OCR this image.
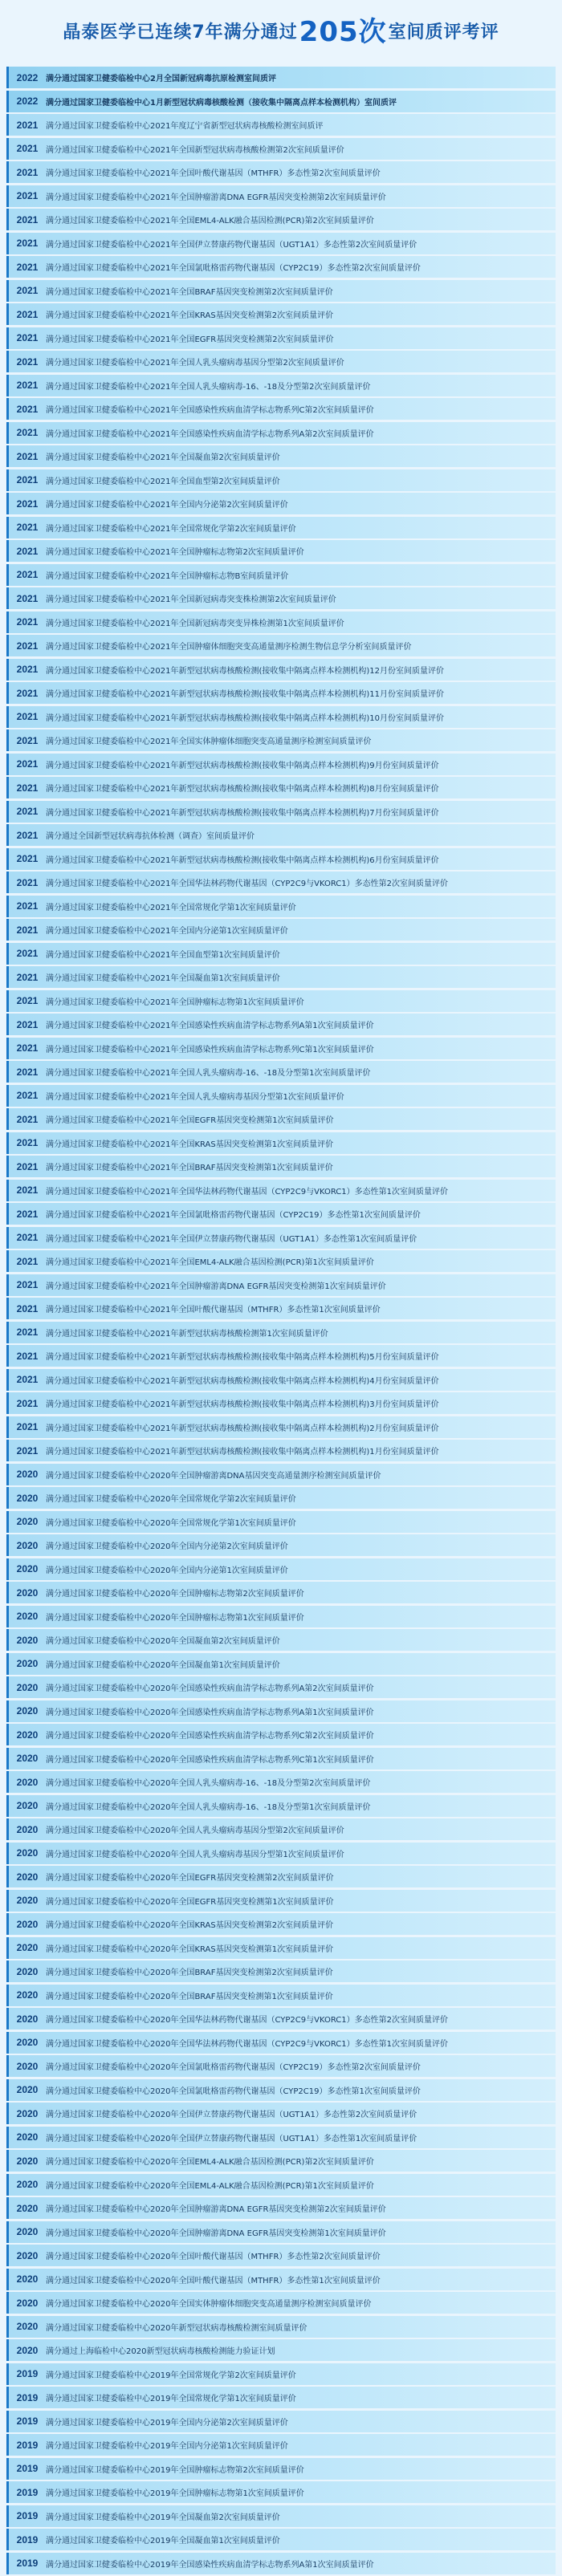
晶泰医学已连续7年满分通过 205次 室间质评考评
2022 满分通过国家卫健委临检中心2月全国新冠病毒抗原检测室间质评
2022 满分通过国家卫健委临检中心1月新型冠状病毒核酸检测（接收集中隔离点样本检测机构）室间质评
2021 满分通过国家卫健委临检中心2021年度辽宁省新型冠状病毒核酸检测室间质评
2021 满分通过国家卫健委临检中心2021年全国新型冠状病毒核酸检测第2次室间质量评价
2021 满分通过国家卫健委临检中心2021年全国叶酸代谢基因（MTHFR）多态性第2次室间质量评价
2021 满分通过国家卫健委临检中心2021年全国肿瘤游离DNA EGFR基因突变检测第2次室间质量评价
2021 满分通过国家卫健委临检中心2021年全国EML4-ALK融合基因检测(PCR)第2次室间质量评价
2021 满分通过国家卫健委临检中心2021年全国伊立替康药物代谢基因（UGT1A1）多态性第2次室间质量评价
2021 满分通过国家卫健委临检中心2021年全国氯吡格雷药物代谢基因（CYP2C19）多态性第2次室间质量评价
2021 满分通过国家卫健委临检中心2021年全国BRAF基因突变检测第2次室间质量评价
2021 满分通过国家卫健委临检中心2021年全国KRAS基因突变检测第2次室间质量评价
2021 满分通过国家卫健委临检中心2021年全国EGFR基因突变检测第2次室间质量评价
2021 满分通过国家卫健委临检中心2021年全国人乳头瘤病毒基因分型第2次室间质量评价
2021 满分通过国家卫健委临检中心2021年全国人乳头瘤病毒-16、-18及分型第2次室间质量评价
2021 满分通过国家卫健委临检中心2021年全国感染性疾病血清学标志物系列C第2次室间质量评价
2021 满分通过国家卫健委临检中心2021年全国感染性疾病血清学标志物系列A第2次室间质量评价
2021 满分通过国家卫健委临检中心2021年全国凝血第2次室间质量评价
2021 满分通过国家卫健委临检中心2021年全国血型第2次室间质量评价
2021 满分通过国家卫健委临检中心2021年全国内分泌第2次室间质量评价
2021 满分通过国家卫健委临检中心2021年全国常规化学第2次室间质量评价
2021 满分通过国家卫健委临检中心2021年全国肿瘤标志物第2次室间质量评价
2021 满分通过国家卫健委临检中心2021年全国肿瘤标志物B室间质量评价
2021 满分通过国家卫健委临检中心2021年全国新冠病毒突变株检测第2次室间质量评价
2021 满分通过国家卫健委临检中心2021年全国新冠病毒突变异株检测第1次室间质量评价
2021 满分通过国家卫健委临检中心2021年全国肿瘤体细胞突变高通量测序检测生物信息学分析室间质量评价
2021 满分通过国家卫健委临检中心2021年新型冠状病毒核酸检测(接收集中隔离点样本检测机构)12月份室间质量评价
2021 满分通过国家卫健委临检中心2021年新型冠状病毒核酸检测(接收集中隔离点样本检测机构)11月份室间质量评价
2021 满分通过国家卫健委临检中心2021年新型冠状病毒核酸检测(接收集中隔离点样本检测机构)10月份室间质量评价
2021 满分通过国家卫健委临检中心2021年全国实体肿瘤体细胞突变高通量测序检测室间质量评价
2021 满分通过国家卫健委临检中心2021年新型冠状病毒核酸检测(接收集中隔离点样本检测机构)9月份室间质量评价
2021 满分通过国家卫健委临检中心2021年新型冠状病毒核酸检测(接收集中隔离点样本检测机构)8月份室间质量评价
2021 满分通过国家卫健委临检中心2021年新型冠状病毒核酸检测(接收集中隔离点样本检测机构)7月份室间质量评价
2021 满分通过全国新型冠状病毒抗体检测（调查）室间质量评价
2021 满分通过国家卫健委临检中心2021年新型冠状病毒核酸检测(接收集中隔离点样本检测机构)6月份室间质量评价
2021 满分通过国家卫健委临检中心2021年全国华法林药物代谢基因（CYP2C9与VKORC1）多态性第2次室间质量评价
2021 满分通过国家卫健委临检中心2021年全国常规化学第1次室间质量评价
2021 满分通过国家卫健委临检中心2021年全国内分泌第1次室间质量评价
2021 满分通过国家卫健委临检中心2021年全国血型第1次室间质量评价
2021 满分通过国家卫健委临检中心2021年全国凝血第1次室间质量评价
2021 满分通过国家卫健委临检中心2021年全国肿瘤标志物第1次室间质量评价
2021 满分通过国家卫健委临检中心2021年全国感染性疾病血清学标志物系列A第1次室间质量评价
2021 满分通过国家卫健委临检中心2021年全国感染性疾病血清学标志物系列C第1次室间质量评价
2021 满分通过国家卫健委临检中心2021年全国人乳头瘤病毒-16、-18及分型第1次室间质量评价
2021 满分通过国家卫健委临检中心2021年全国人乳头瘤病毒基因分型第1次室间质量评价
2021 满分通过国家卫健委临检中心2021年全国EGFR基因突变检测第1次室间质量评价
2021 满分通过国家卫健委临检中心2021年全国KRAS基因突变检测第1次室间质量评价
2021 满分通过国家卫健委临检中心2021年全国BRAF基因突变检测第1次室间质量评价
2021 满分通过国家卫健委临检中心2021年全国华法林药物代谢基因（CYP2C9与VKORC1）多态性第1次室间质量评价
2021 满分通过国家卫健委临检中心2021年全国氯吡格雷药物代谢基因（CYP2C19）多态性第1次室间质量评价
2021 满分通过国家卫健委临检中心2021年全国伊立替康药物代谢基因（UGT1A1）多态性第1次室间质量评价
2021 满分通过国家卫健委临检中心2021年全国EML4-ALK融合基因检测(PCR)第1次室间质量评价
2021 满分通过国家卫健委临检中心2021年全国肿瘤游离DNA EGFR基因突变检测第1次室间质量评价
2021 满分通过国家卫健委临检中心2021年全国叶酸代谢基因（MTHFR）多态性第1次室间质量评价
2021 满分通过国家卫健委临检中心2021年新型冠状病毒核酸检测第1次室间质量评价
2021 满分通过国家卫健委临检中心2021年新型冠状病毒核酸检测(接收集中隔离点样本检测机构)5月份室间质量评价
2021 满分通过国家卫健委临检中心2021年新型冠状病毒核酸检测(接收集中隔离点样本检测机构)4月份室间质量评价
2021 满分通过国家卫健委临检中心2021年新型冠状病毒核酸检测(接收集中隔离点样本检测机构)3月份室间质量评价
2021 满分通过国家卫健委临检中心2021年新型冠状病毒核酸检测(接收集中隔离点样本检测机构)2月份室间质量评价
2021 满分通过国家卫健委临检中心2021年新型冠状病毒核酸检测(接收集中隔离点样本检测机构)1月份室间质量评价
2020 满分通过国家卫健委临检中心2020年全国肿瘤游离DNA基因突变高通量测序检测室间质量评价
2020 满分通过国家卫健委临检中心2020年全国常规化学第2次室间质量评价
2020 满分通过国家卫健委临检中心2020年全国常规化学第1次室间质量评价
2020 满分通过国家卫健委临检中心2020年全国内分泌第2次室间质量评价
2020 满分通过国家卫健委临检中心2020年全国内分泌第1次室间质量评价
2020 满分通过国家卫健委临检中心2020年全国肿瘤标志物第2次室间质量评价
2020 满分通过国家卫健委临检中心2020年全国肿瘤标志物第1次室间质量评价
2020 满分通过国家卫健委临检中心2020年全国凝血第2次室间质量评价
2020 满分通过国家卫健委临检中心2020年全国凝血第1次室间质量评价
2020 满分通过国家卫健委临检中心2020年全国感染性疾病血清学标志物系列A第2次室间质量评价
2020 满分通过国家卫健委临检中心2020年全国感染性疾病血清学标志物系列A第1次室间质量评价
2020 满分通过国家卫健委临检中心2020年全国感染性疾病血清学标志物系列C第2次室间质量评价
2020 满分通过国家卫健委临检中心2020年全国感染性疾病血清学标志物系列C第1次室间质量评价
2020 满分通过国家卫健委临检中心2020年全国人乳头瘤病毒-16、-18及分型第2次室间质量评价
2020 满分通过国家卫健委临检中心2020年全国人乳头瘤病毒-16、-18及分型第1次室间质量评价
2020 满分通过国家卫健委临检中心2020年全国人乳头瘤病毒基因分型第2次室间质量评价
2020 满分通过国家卫健委临检中心2020年全国人乳头瘤病毒基因分型第1次室间质量评价
2020 满分通过国家卫健委临检中心2020年全国EGFR基因突变检测第2次室间质量评价
2020 满分通过国家卫健委临检中心2020年全国EGFR基因突变检测第1次室间质量评价
2020 满分通过国家卫健委临检中心2020年全国KRAS基因突变检测第2次室间质量评价
2020 满分通过国家卫健委临检中心2020年全国KRAS基因突变检测第1次室间质量评价
2020 满分通过国家卫健委临检中心2020年全国BRAF基因突变检测第2次室间质量评价
2020 满分通过国家卫健委临检中心2020年全国BRAF基因突变检测第1次室间质量评价
2020 满分通过国家卫健委临检中心2020年全国华法林药物代谢基因（CYP2C9与VKORC1）多态性第2次室间质量评价
2020 满分通过国家卫健委临检中心2020年全国华法林药物代谢基因（CYP2C9与VKORC1）多态性第1次室间质量评价
2020 满分通过国家卫健委临检中心2020年全国氯吡格雷药物代谢基因（CYP2C19）多态性第2次室间质量评价
2020 满分通过国家卫健委临检中心2020年全国氯吡格雷药物代谢基因（CYP2C19）多态性第1次室间质量评价
2020 满分通过国家卫健委临检中心2020年全国伊立替康药物代谢基因（UGT1A1）多态性第2次室间质量评价
2020 满分通过国家卫健委临检中心2020年全国伊立替康药物代谢基因（UGT1A1）多态性第1次室间质量评价
2020 满分通过国家卫健委临检中心2020年全国EML4-ALK融合基因检测(PCR)第2次室间质量评价
2020 满分通过国家卫健委临检中心2020年全国EML4-ALK融合基因检测(PCR)第1次室间质量评价
2020 满分通过国家卫健委临检中心2020年全国肿瘤游离DNA EGFR基因突变检测第2次室间质量评价
2020 满分通过国家卫健委临检中心2020年全国肿瘤游离DNA EGFR基因突变检测第1次室间质量评价
2020 满分通过国家卫健委临检中心2020年全国叶酸代谢基因（MTHFR）多态性第2次室间质量评价
2020 满分通过国家卫健委临检中心2020年全国叶酸代谢基因（MTHFR）多态性第1次室间质量评价
2020 满分通过国家卫健委临检中心2020年全国实体肿瘤体细胞突变高通量测序检测室间质量评价
2020 满分通过国家卫健委临检中心2020年新型冠状病毒核酸检测室间质量评价
2020 满分通过上海临检中心2020新型冠状病毒核酸检测能力验证计划
2019 满分通过国家卫健委临检中心2019年全国常规化学第2次室间质量评价
2019 满分通过国家卫健委临检中心2019年全国常规化学第1次室间质量评价
2019 满分通过国家卫健委临检中心2019年全国内分泌第2次室间质量评价
2019 满分通过国家卫健委临检中心2019年全国内分泌第1次室间质量评价
2019 满分通过国家卫健委临检中心2019年全国肿瘤标志物第2次室间质量评价
2019 满分通过国家卫健委临检中心2019年全国肿瘤标志物第1次室间质量评价
2019 满分通过国家卫健委临检中心2019年全国凝血第2次室间质量评价
2019 满分通过国家卫健委临检中心2019年全国凝血第1次室间质量评价
2019 满分通过国家卫健委临检中心2019年全国感染性疾病血清学标志物系列A第1次室间质量评价
